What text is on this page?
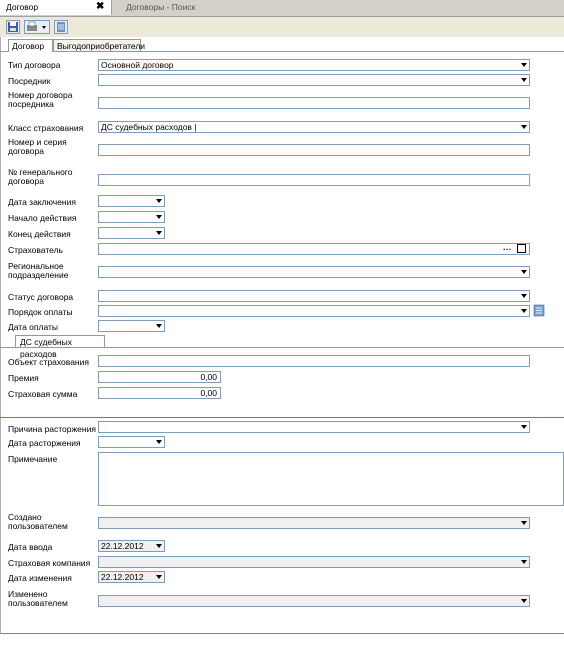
Договор	✖	Договоры - Поиск
Договор	Выгодоприобретатели
Тип договора	Основной договор
Посредник
Номер договора
посредника
Класс страхования	ДС судебных расходов |
Номер и серия
договора
№ генерального
договора
Дата заключения
Начало действия
Конец действия
Страхователь	···
Региональное
подразделение
Статус договора
Порядок оплаты
Дата оплаты
ДС судебных расходов
Объект страхования
Премия	0,00
Страховая сумма	0,00
Причина расторжения
Дата расторжения
Примечание
Создано
пользователем
Дата ввода	22.12.2012
Страховая компания
Дата изменения	22.12.2012
Изменено
пользователем
